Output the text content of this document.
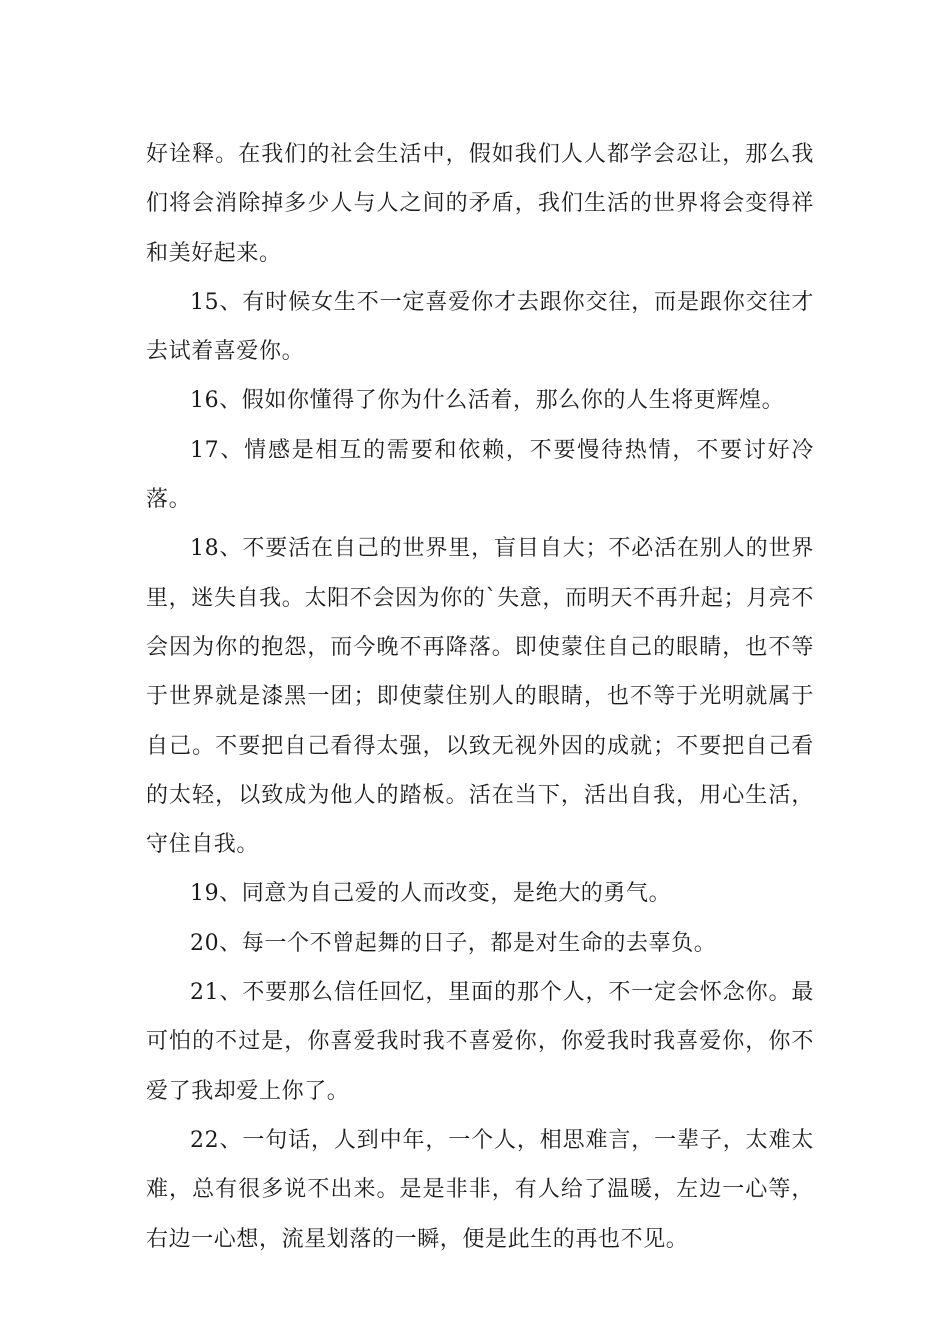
好诠释。在我们的社会生活中，假如我们人人都学会忍让，那么我们将会消除掉多少人与人之间的矛盾，我们生活的世界将会变得祥和美好起来。

15、有时候女生不一定喜爱你才去跟你交往，而是跟你交往才去试着喜爱你。

16、假如你懂得了你为什么活着，那么你的人生将更辉煌。

17、情感是相互的需要和依赖，不要慢待热情，不要讨好冷落。

18、不要活在自己的世界里，盲目自大；不必活在别人的世界里，迷失自我。太阳不会因为你的`失意，而明天不再升起；月亮不会因为你的抱怨，而今晚不再降落。即使蒙住自己的眼睛，也不等于世界就是漆黑一团；即使蒙住别人的眼睛，也不等于光明就属于自己。不要把自己看得太强，以致无视外因的成就；不要把自己看的太轻，以致成为他人的踏板。活在当下，活出自我，用心生活，守住自我。

19、同意为自己爱的人而改变，是绝大的勇气。

20、每一个不曾起舞的日子，都是对生命的去辜负。

21、不要那么信任回忆，里面的那个人，不一定会怀念你。最可怕的不过是，你喜爱我时我不喜爱你，你爱我时我喜爱你，你不爱了我却爱上你了。

22、一句话，人到中年，一个人，相思难言，一辈子，太难太难，总有很多说不出来。是是非非，有人给了温暖，左边一心等，右边一心想，流星划落的一瞬，便是此生的再也不见。
